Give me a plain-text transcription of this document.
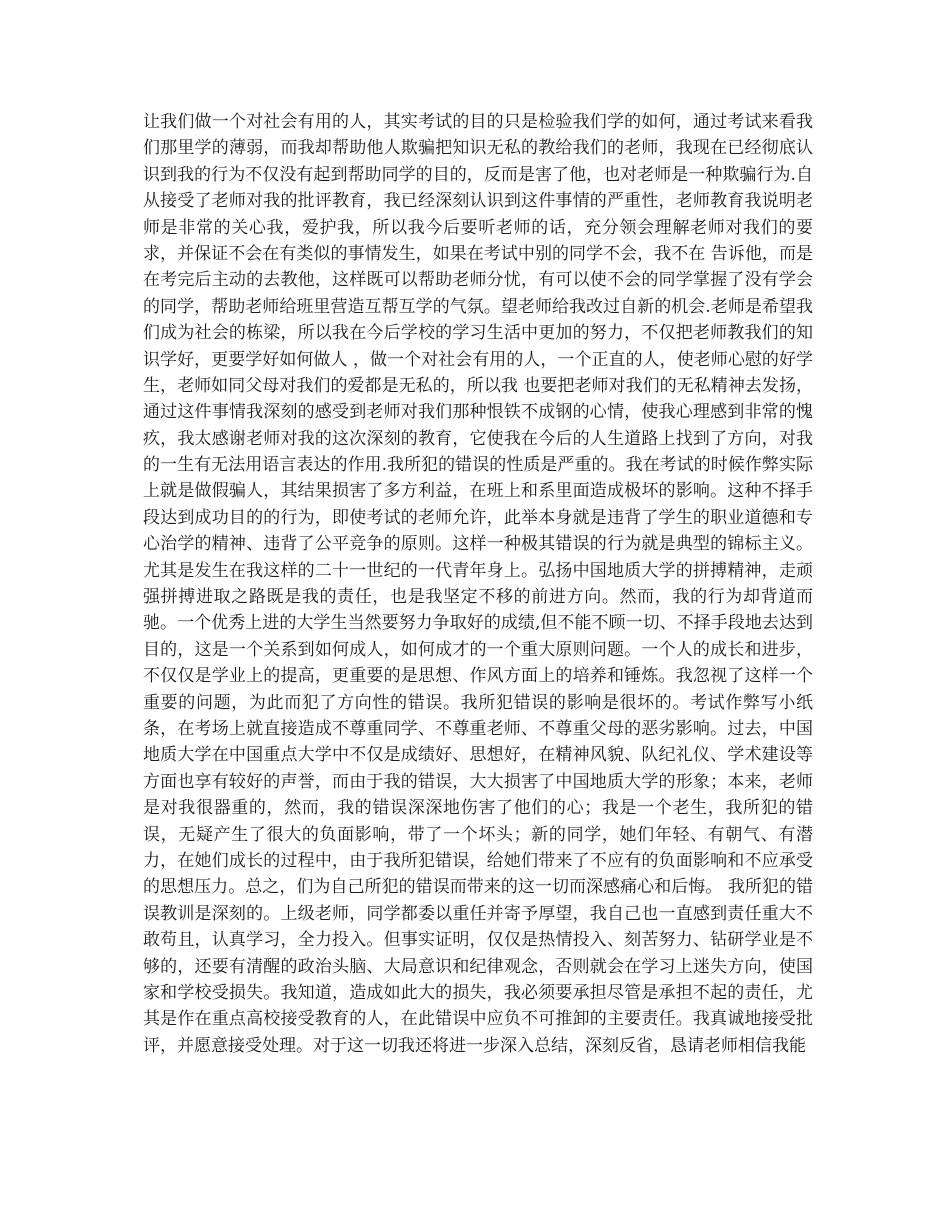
让我们做一个对社会有用的人，其实考试的目的只是检验我们学的如何，通过考试来看我
们那里学的薄弱，而我却帮助他人欺骗把知识无私的教给我们的老师，我现在已经彻底认
识到我的行为不仅没有起到帮助同学的目的，反而是害了他，也对老师是一种欺骗行为.自
从接受了老师对我的批评教育，我已经深刻认识到这件事情的严重性，老师教育我说明老
师是非常的关心我，爱护我，所以我今后要听老师的话，充分领会理解老师对我们的要
求，并保证不会在有类似的事情发生，如果在考试中别的同学不会，我不在 告诉他，而是
在考完后主动的去教他，这样既可以帮助老师分忧，有可以使不会的同学掌握了没有学会
的同学，帮助老师给班里营造互帮互学的气氛。望老师给我改过自新的机会.老师是希望我
们成为社会的栋梁，所以我在今后学校的学习生活中更加的努力，不仅把老师教我们的知
识学好，更要学好如何做人 ，做一个对社会有用的人，一个正直的人，使老师心慰的好学
生，老师如同父母对我们的爱都是无私的，所以我 也要把老师对我们的无私精神去发扬，
通过这件事情我深刻的感受到老师对我们那种恨铁不成钢的心情，使我心理感到非常的愧
疚，我太感谢老师对我的这次深刻的教育，它使我在今后的人生道路上找到了方向，对我
的一生有无法用语言表达的作用.我所犯的错误的性质是严重的。我在考试的时候作弊实际
上就是做假骗人，其结果损害了多方利益，在班上和系里面造成极坏的影响。这种不择手
段达到成功目的的行为，即使考试的老师允许，此举本身就是违背了学生的职业道德和专
心治学的精神、违背了公平竞争的原则。这样一种极其错误的行为就是典型的锦标主义。
尤其是发生在我这样的二十一世纪的一代青年身上。弘扬中国地质大学的拼搏精神，走顽
强拼搏进取之路既是我的责任，也是我坚定不移的前进方向。然而，我的行为却背道而
驰。一个优秀上进的大学生当然要努力争取好的成绩,但不能不顾一切、不择手段地去达到
目的，这是一个关系到如何成人，如何成才的一个重大原则问题。一个人的成长和进步，
不仅仅是学业上的提高，更重要的是思想、作风方面上的培养和锤炼。我忽视了这样一个
重要的问题，为此而犯了方向性的错误。我所犯错误的影响是很坏的。考试作弊写小纸
条，在考场上就直接造成不尊重同学、不尊重老师、不尊重父母的恶劣影响。过去，中国
地质大学在中国重点大学中不仅是成绩好、思想好，在精神风貌、队纪礼仪、学术建设等
方面也享有较好的声誉，而由于我的错误，大大损害了中国地质大学的形象；本来，老师
是对我很器重的，然而，我的错误深深地伤害了他们的心；我是一个老生，我所犯的错
误，无疑产生了很大的负面影响，带了一个坏头；新的同学，她们年轻、有朝气、有潜
力，在她们成长的过程中，由于我所犯错误，给她们带来了不应有的负面影响和不应承受
的思想压力。总之，们为自己所犯的错误而带来的这一切而深感痛心和后悔。 我所犯的错
误教训是深刻的。上级老师，同学都委以重任并寄予厚望，我自己也一直感到责任重大不
敢苟且，认真学习，全力投入。但事实证明，仅仅是热情投入、刻苦努力、钻研学业是不
够的，还要有清醒的政治头脑、大局意识和纪律观念，否则就会在学习上迷失方向，使国
家和学校受损失。我知道，造成如此大的损失，我必须要承担尽管是承担不起的责任，尤
其是作在重点高校接受教育的人，在此错误中应负不可推卸的主要责任。我真诚地接受批
评，并愿意接受处理。对于这一切我还将进一步深入总结，深刻反省，恳请老师相信我能
